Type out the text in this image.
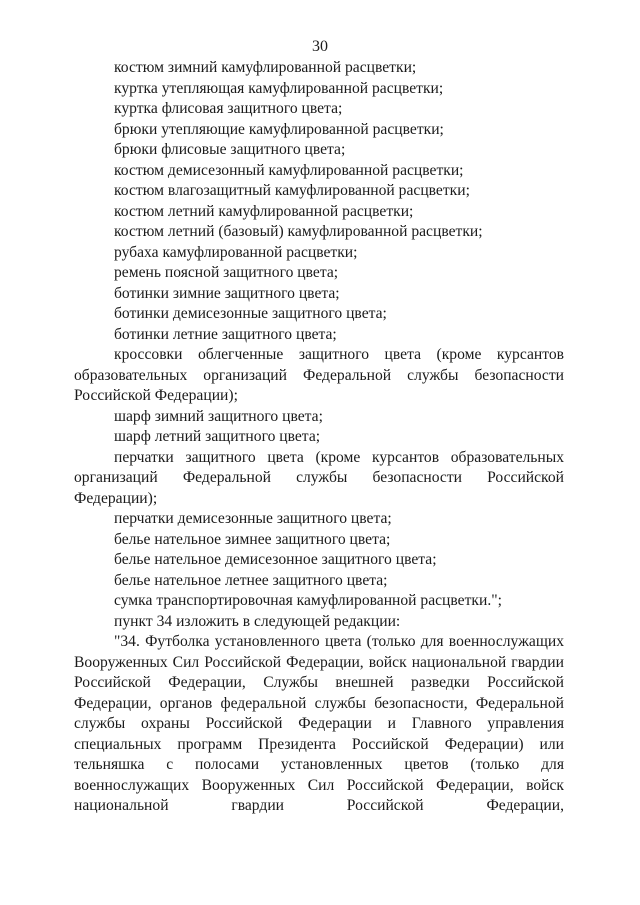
30
костюм зимний камуфлированной расцветки;
куртка утепляющая камуфлированной расцветки;
куртка флисовая защитного цвета;
брюки утепляющие камуфлированной расцветки;
брюки флисовые защитного цвета;
костюм демисезонный камуфлированной расцветки;
костюм влагозащитный камуфлированной расцветки;
костюм летний камуфлированной расцветки;
костюм летний (базовый) камуфлированной расцветки;
рубаха камуфлированной расцветки;
ремень поясной защитного цвета;
ботинки зимние защитного цвета;
ботинки демисезонные защитного цвета;
ботинки летние защитного цвета;

кроссовки облегченные защитного цвета (кроме курсантов образовательных организаций Федеральной службы безопасности Российской Федерации);

шарф зимний защитного цвета;
шарф летний защитного цвета;

перчатки защитного цвета (кроме курсантов образовательных организаций Федеральной службы безопасности Российской Федерации);

перчатки демисезонные защитного цвета;
белье нательное зимнее защитного цвета;
белье нательное демисезонное защитного цвета;
белье нательное летнее защитного цвета;
сумка транспортировочная камуфлированной расцветки.";
пункт 34 изложить в следующей редакции:

"34. Футболка установленного цвета (только для военнослужащих Вооруженных Сил Российской Федерации, войск национальной гвардии Российской Федерации, Службы внешней разведки Российской Федерации, органов федеральной службы безопасности, Федеральной службы охраны Российской Федерации и Главного управления специальных программ Президента Российской Федерации) или тельняшка с полосами установленных цветов (только для военнослужащих Вооруженных Сил Российской Федерации, войск национальной гвардии Российской Федерации,
